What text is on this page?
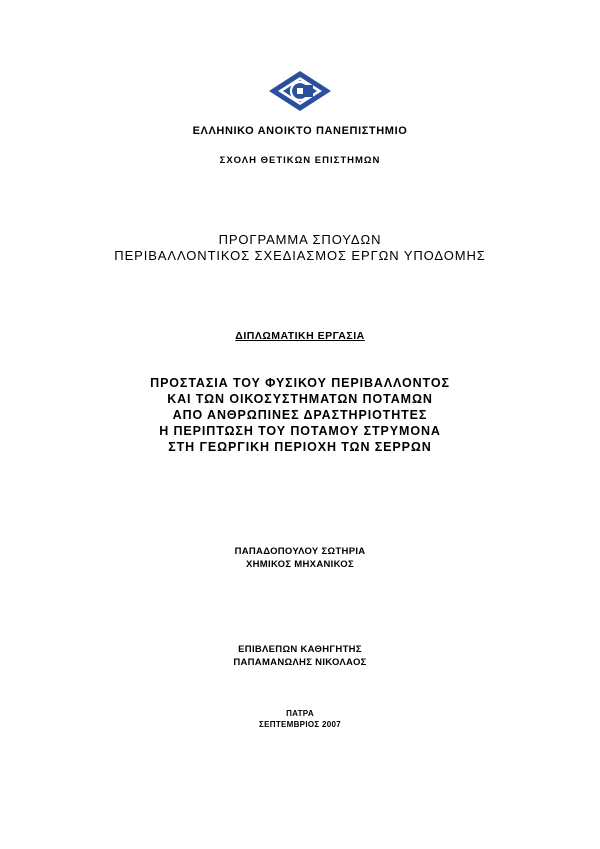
ΕΛΛΗΝΙΚΟ ΑΝΟΙΚΤΟ ΠΑΝΕΠΙΣΤΗΜΙΟ
ΣΧΟΛΗ ΘΕΤΙΚΩΝ ΕΠΙΣΤΗΜΩΝ
ΠΡΟΓΡΑΜΜΑ ΣΠΟΥΔΩΝ
ΠΕΡΙΒΑΛΛΟΝΤΙΚΟΣ ΣΧΕΔΙΑΣΜΟΣ ΕΡΓΩΝ ΥΠΟΔΟΜΗΣ
ΔΙΠΛΩΜΑΤΙΚΗ ΕΡΓΑΣΙΑ
ΠΡΟΣΤΑΣΙΑ ΤΟΥ ΦΥΣΙΚΟΥ ΠΕΡΙΒΑΛΛΟΝΤΟΣ
ΚΑΙ ΤΩΝ ΟΙΚΟΣΥΣΤΗΜΑΤΩΝ ΠΟΤΑΜΩΝ
ΑΠΟ ΑΝΘΡΩΠΙΝΕΣ ΔΡΑΣΤΗΡΙΟΤΗΤΕΣ
Η ΠΕΡΙΠΤΩΣΗ ΤΟΥ ΠΟΤΑΜΟΥ ΣΤΡΥΜΟΝΑ
ΣΤΗ ΓΕΩΡΓΙΚΗ ΠΕΡΙΟΧΗ ΤΩΝ ΣΕΡΡΩΝ
ΠΑΠΑΔΟΠΟΥΛΟΥ ΣΩΤΗΡΙΑ
ΧΗΜΙΚΟΣ ΜΗΧΑΝΙΚΟΣ
ΕΠΙΒΛΕΠΩΝ ΚΑΘΗΓΗΤΗΣ
ΠΑΠΑΜΑΝΩΛΗΣ ΝΙΚΟΛΑΟΣ
ΠΑΤΡΑ
ΣΕΠΤΕΜΒΡΙΟΣ 2007
